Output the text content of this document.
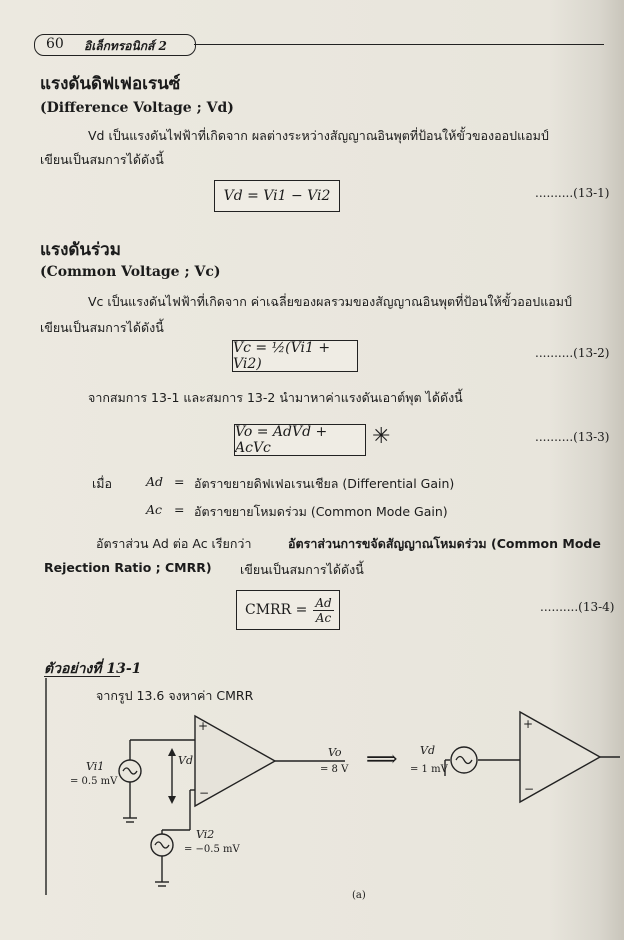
60 อิเล็กทรอนิกส์ 2
แรงดันดิฟเฟอเรนซ์
(Difference Voltage ; Vd)
Vd เป็นแรงดันไฟฟ้าที่เกิดจาก ผลต่างระหว่างสัญญาณอินพุตที่ป้อนให้ขั้วของออปแอมป์
เขียนเป็นสมการได้ดังนี้
Vd = Vi1 − Vi2	..........(13-1)
แรงดันร่วม
(Common Voltage ; Vc)
Vc เป็นแรงดันไฟฟ้าที่เกิดจาก ค่าเฉลี่ยของผลรวมของสัญญาณอินพุตที่ป้อนให้ขั้วออปแอมป์
เขียนเป็นสมการได้ดังนี้
Vc = ½(Vi1 + Vi2)
..........(13-2)
จากสมการ 13-1 และสมการ 13-2 นำมาหาค่าแรงดันเอาต์พุต ได้ดังนี้
Vo = AdVd + AcVc	✳	..........(13-3)
เมื่อ	Ad = อัตราขยายดิฟเฟอเรนเชียล (Differential Gain)
Ac = อัตราขยายโหมดร่วม (Common Mode Gain)
อัตราส่วน Ad ต่อ Ac เรียกว่า	อัตราส่วนการขจัดสัญญาณโหมดร่วม (Common Mode
Rejection Ratio ; CMRR) เขียนเป็นสมการได้ดังนี้
CMRR = $\frac{Ad}{Ac}$	..........(13-4)
ตัวอย่างที่ 13-1
จากรูป 13.6 จงหาค่า CMRR
+
−
+
−
Vi1
= 0.5 mV
Vd
Vo
= 8 V ⟹ Vd
= 1 mV
Vi2
= −0.5 mV
(a)
